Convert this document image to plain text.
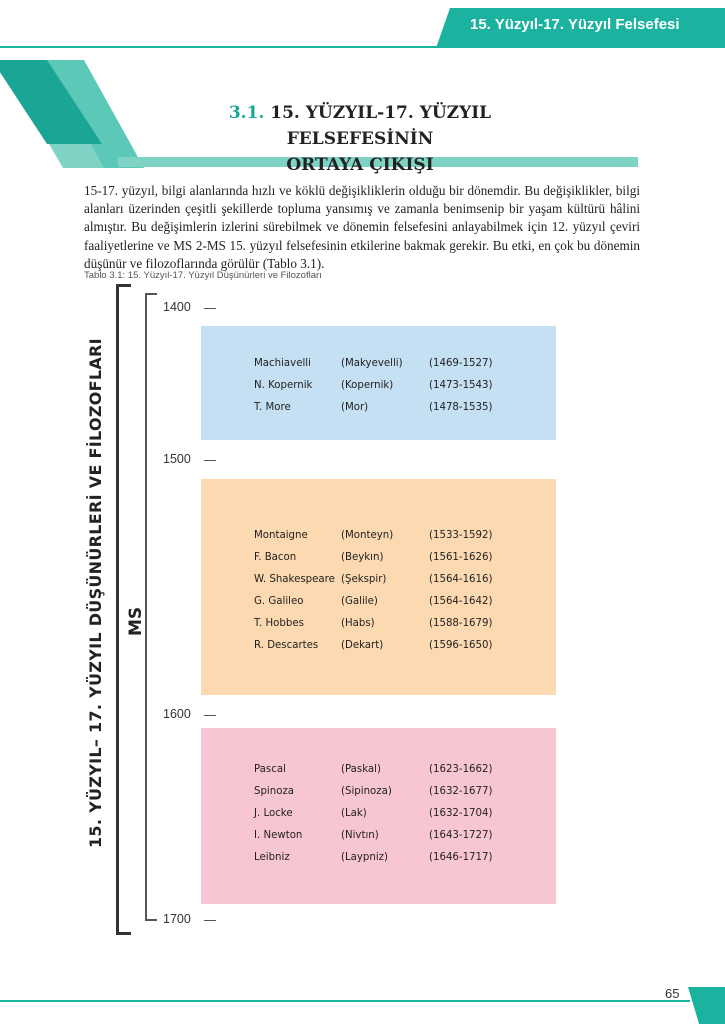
15. Yüzyıl-17. Yüzyıl Felsefesi
3.1. 15. YÜZYIL-17. YÜZYIL FELSEFESİNİN
ORTAYA ÇIKIŞI
15-17. yüzyıl, bilgi alanlarında hızlı ve köklü değişikliklerin olduğu bir dönemdir. Bu değişiklikler, bilgi alanları üzerinden çeşitli şekillerde topluma yansımış ve zamanla benimsenip bir yaşam kültürü hâlini almıştır. Bu değişimlerin izlerini sürebilmek ve dönemin felsefesini anlayabilmek için 12. yüzyıl çeviri faaliyetlerine ve MS 2-MS 15. yüzyıl felsefesinin etkilerine bakmak gerekir. Bu etki, en çok bu dönemin düşünür ve filozoflarında görülür (Tablo 3.1).
Tablo 3.1: 15. Yüzyıl-17. Yüzyıl Düşünürleri ve Filozofları
15. YÜZYIL– 17. YÜZYIL DÜŞÜNÜRLERİ VE FİLOZOFLARI MS
1400
1500
1600
1700
Machiavelli	(Makyevelli)	(1469-1527)
N. Kopernik	(Kopernik)	(1473-1543)
T. More	(Mor)	(1478-1535)
Montaigne	(Monteyn)	(1533-1592)
F. Bacon	(Beykın)	(1561-1626)
W. Shakespeare (Şekspir)	(1564-1616)
G. Galileo	(Galile)	(1564-1642)
T. Hobbes	(Habs)	(1588-1679)
R. Descartes (Dekart)	(1596-1650)
Pascal	(Paskal)	(1623-1662)
Spinoza	(Sipinoza)	(1632-1677)
J. Locke	(Lak)	(1632-1704)
I. Newton	(Nivtın)	(1643-1727)
Leibniz	(Laypniz)	(1646-1717)
65
